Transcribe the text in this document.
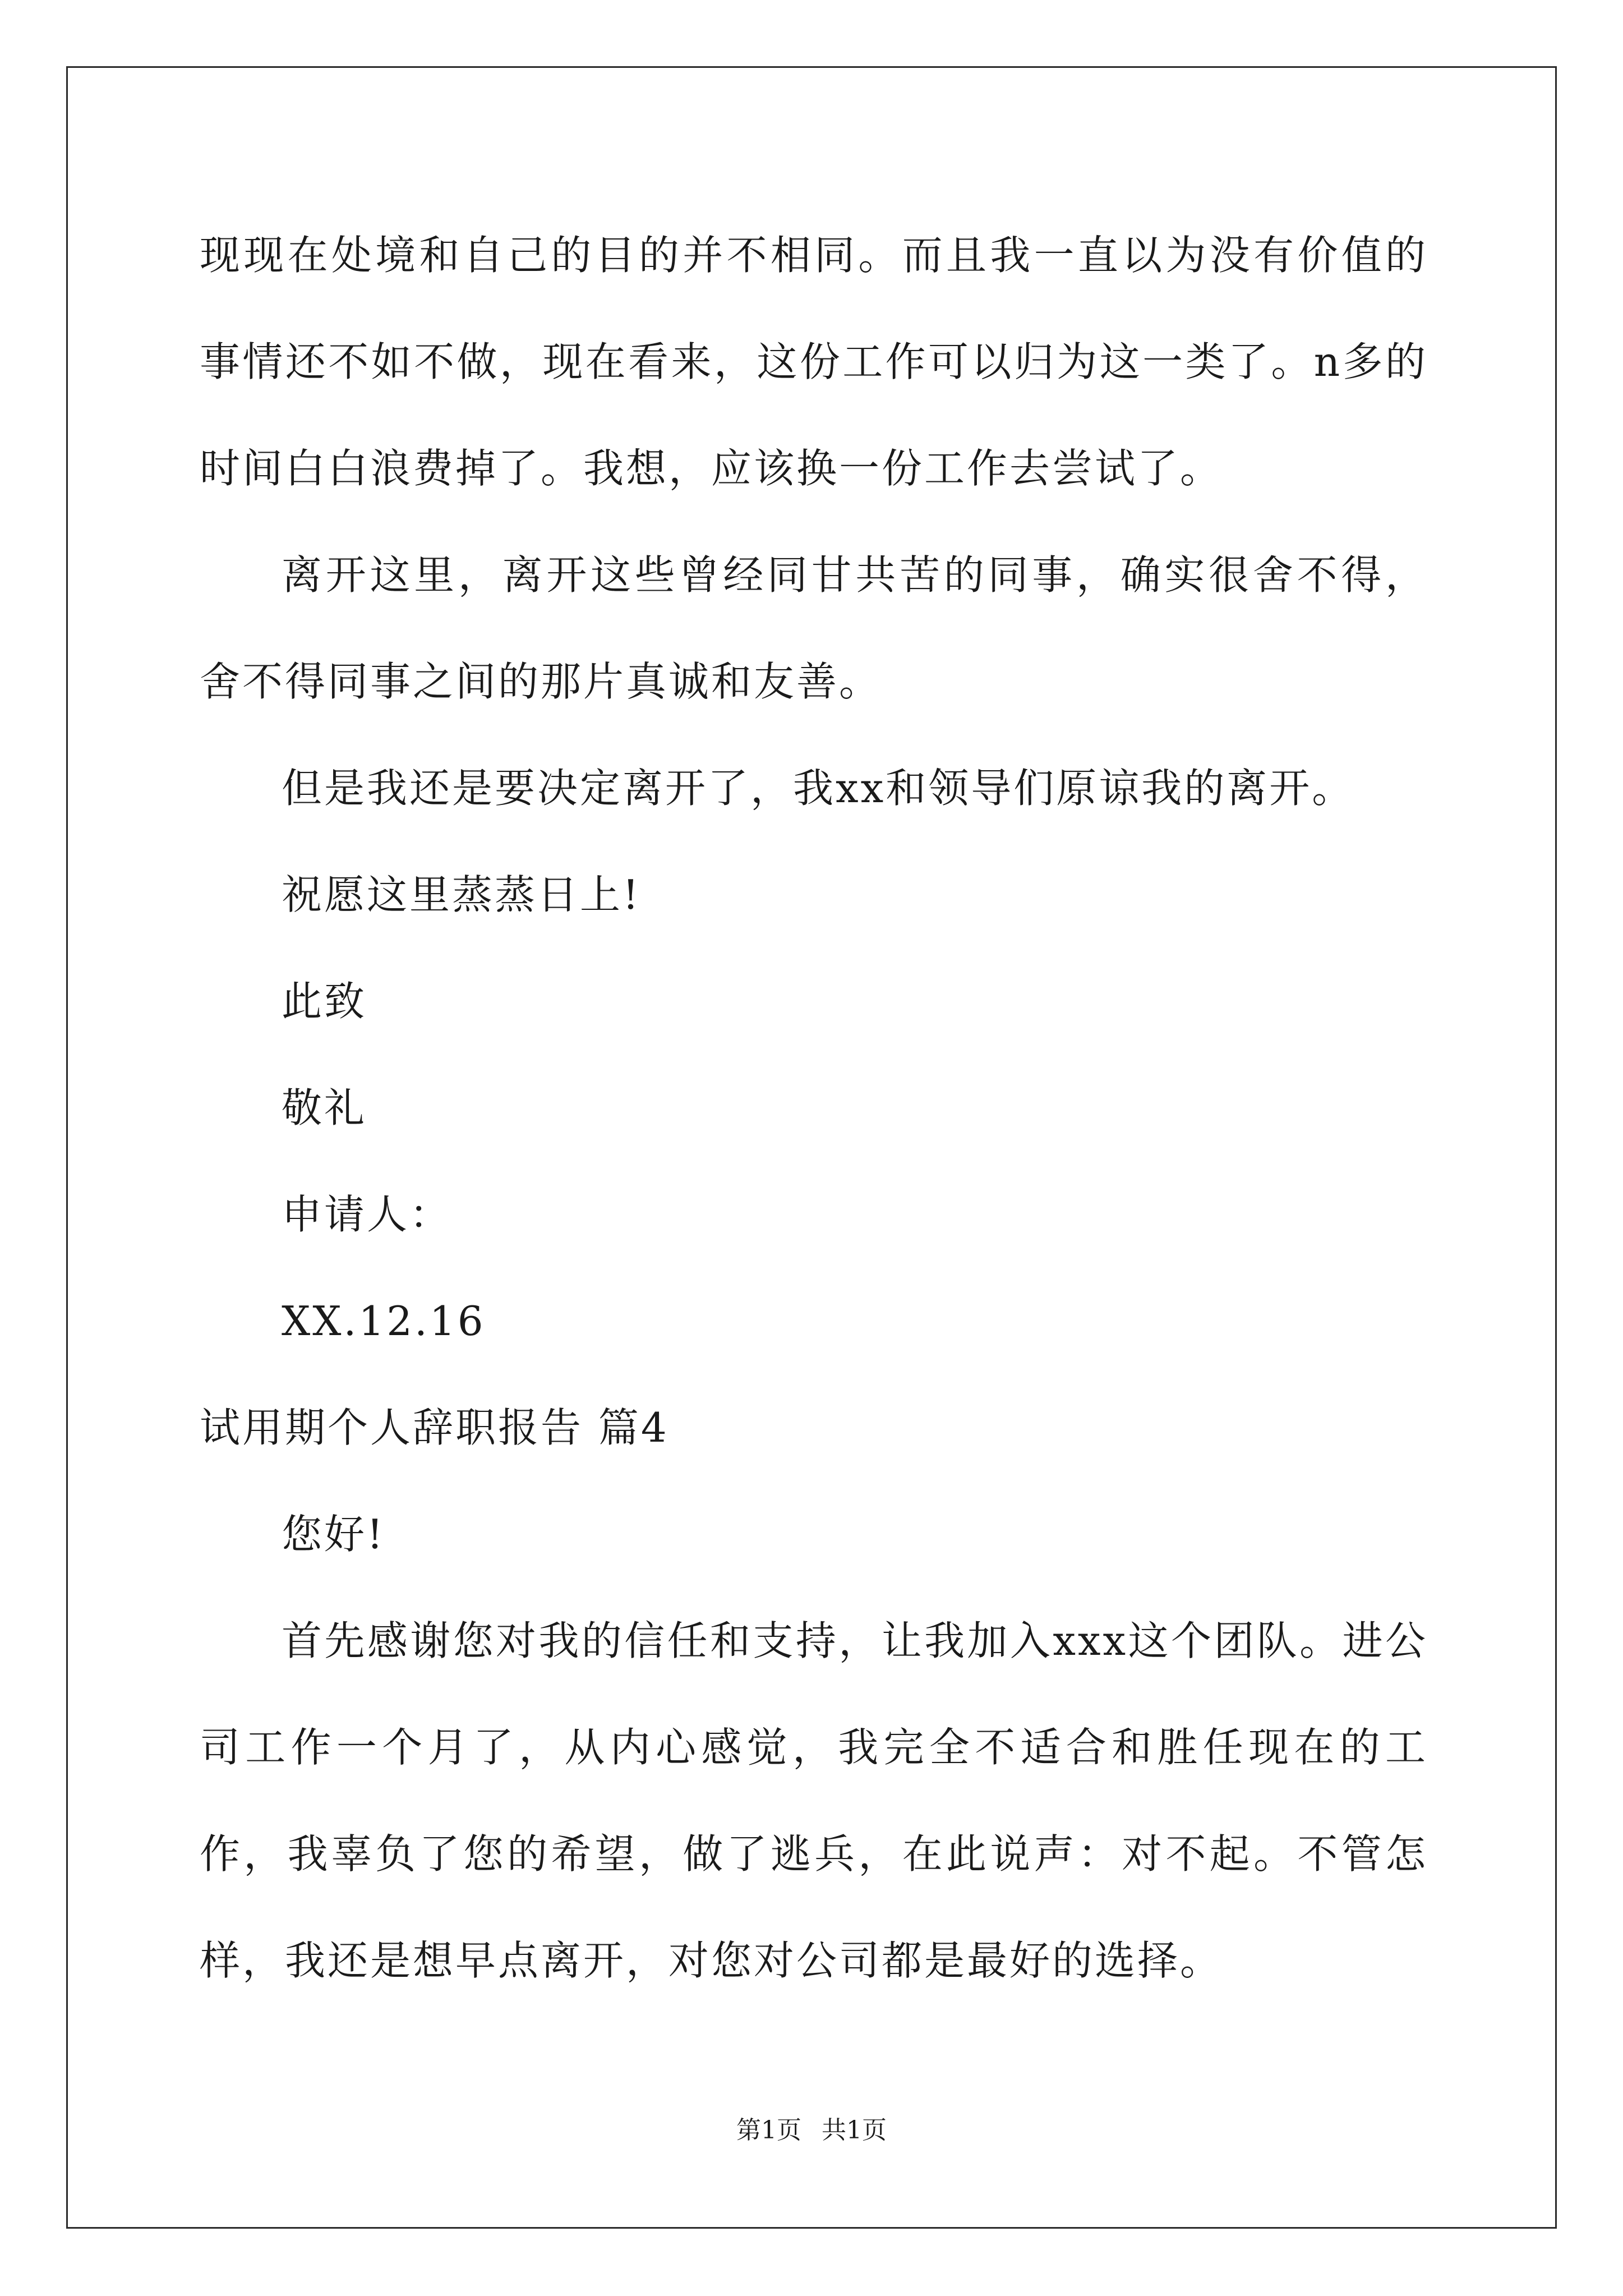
现现在处境和自己的目的并不相同。而且我一直以为没有价值的事情还不如不做，现在看来，这份工作可以归为这一类了。n多的时间白白浪费掉了。我想，应该换一份工作去尝试了。

离开这里，离开这些曾经同甘共苦的同事，确实很舍不得，舍不得同事之间的那片真诚和友善。

但是我还是要决定离开了，我xx和领导们原谅我的离开。

祝愿这里蒸蒸日上!

此致

敬礼

申请人：

XX.12.16

试用期个人辞职报告 篇4

您好!

首先感谢您对我的信任和支持，让我加入xxx这个团队。进公司工作一个月了，从内心感觉，我完全不适合和胜任现在的工作，我辜负了您的希望，做了逃兵，在此说声：对不起。不管怎样，我还是想早点离开，对您对公司都是最好的选择。

第1页 共1页
